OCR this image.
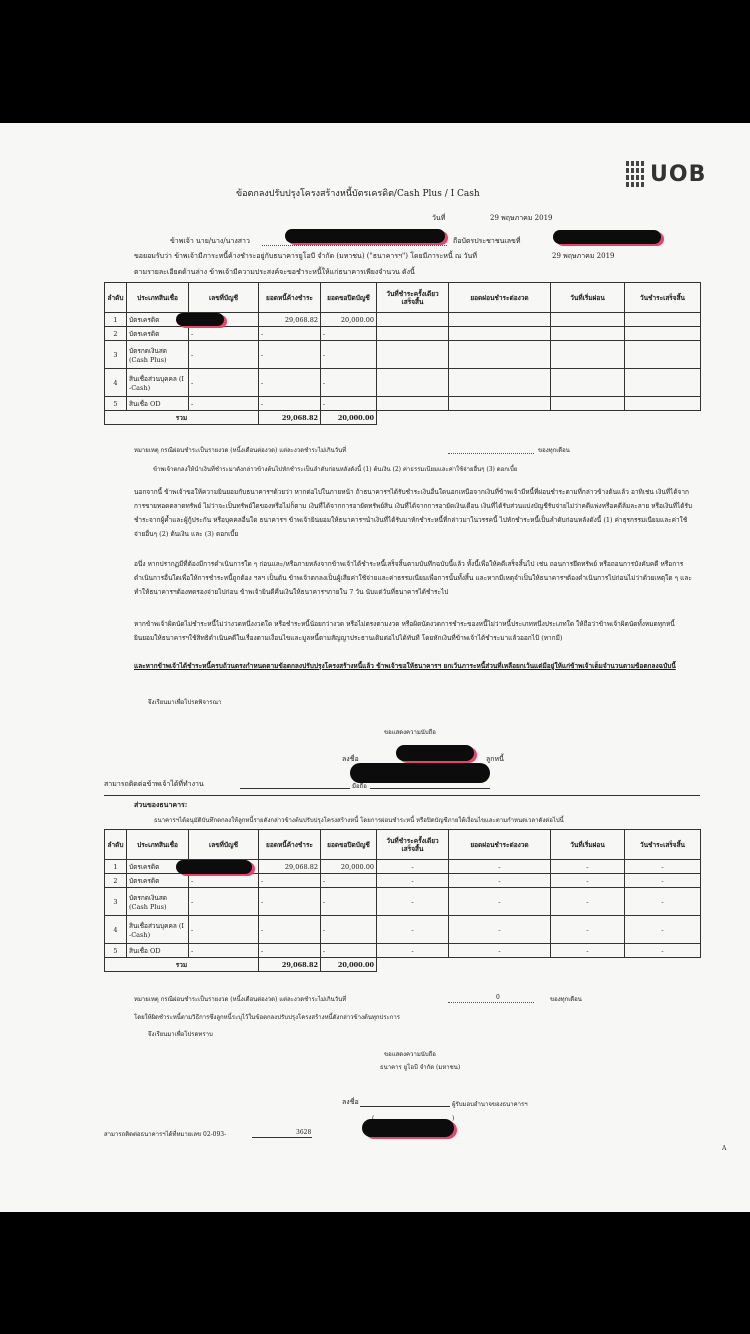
UOB
ข้อตกลงปรับปรุงโครงสร้างหนี้บัตรเครดิต/Cash Plus / I Cash
วันที่	29 พฤษภาคม 2019
ข้าพเจ้า นาย/นาง/นางสาว	ถือบัตรประชาชนเลขที่
ขอยอมรับว่า ข้าพเจ้ามีภาระหนี้ค้างชำระอยู่กับธนาคารยูโอบี จำกัด (มหาชน) ("ธนาคารฯ") โดยมีภาระหนี้ ณ วันที่	29 พฤษภาคม 2019
ตามรายละเอียดด้านล่าง ข้าพเจ้ามีความประสงค์จะขอชำระหนี้ให้แก่ธนาคารเพียงจำนวน ดังนี้
ลำดับ	ประเภทสินเชื่อ	เลขที่บัญชี	ยอดหนี้ค้างชำระ	ยอดขอปิดบัญชี	วันที่ชำระครั้งเดียว เสร็จสิ้น	ยอดผ่อนชำระต่องวด	วันที่เริ่มผ่อน	วันชำระเสร็จสิ้น
1	บัตรเครดิต		29,068.82	20,000.00				
2	บัตรเครดิต	-	-	-				
3	บัตรกดเงินสด (Cash Plus)	-	-	-				
4	สินเชื่อส่วนบุคคล (I -Cash)	-	-	-				
5	สินเชื่อ OD	-	-	-				
รวม			29,068.82	20,000.00				
หมายเหตุ กรณีผ่อนชำระเป็นรายงวด (หนี้งเดือนต่องวด) แต่ละงวดชำระไม่เกินวันที่	ของทุกเดือน
ข้าพเจ้าตกลงให้นำเงินที่ชำระมาดังกล่าวข้างต้นไปหักชำระเป็นลำดับก่อนหลังดังนี้ (1) ต้นเงิน (2) ค่าธรรมเนียมและค่าใช้จ่ายอื่นๆ (3) ดอกเบี้ย
นอกจากนี้ ข้าพเจ้าขอให้ความยินยอมกับธนาคารฯด้วยว่า หากต่อไปในภายหน้า ถ้าธนาคารฯได้รับชำระเงินอื่นใดนอกเหนือจากเงินที่ข้าพเจ้ามีหนี้ที่ผ่อนชำระตามที่กล่าวข้างต้นแล้ว อาทิเช่น เงินที่ได้จากการขายทอดตลาดทรัพย์ ไม่ว่าจะเป็นทรัพย์ใดของหรือไม่ก็ตาม เงินที่ได้จากการอายัดทรัพย์สิน เงินที่ได้จากการอายัดเงินเดือน เงินที่ได้รับส่วนแบ่งบัญชีรับจ่ายไม่ว่าคดีแพ่งหรือคดีล้มละลาย หรือเงินที่ได้รับชำระจากผู้ค้ำและผู้กู้ประกัน หรือบุคคลอื่นใด ธนาคารฯ ข้าพเจ้ายินยอมให้ธนาคารฯนำเงินที่ได้รับมาหักชำระหนี้ที่กล่าวมาในวรรคนี้ ไปหักชำระหนี้เป็นลำดับก่อนหลังดังนี้ (1) ค่าธุรกรรมเนียมและค่าใช้จ่ายอื่นๆ (2) ต้นเงิน และ (3) ดอกเบี้ย
อนึ่ง หากปรากฏมีที่ต้องมีการดำเนินการใด ๆ ก่อนและ/หรือภายหลังจากข้าพเจ้าได้ชำระหนี้เสร็จสิ้นตามบันทึกฉบับนี้แล้ว ทั้งนี้เพื่อให้คดีเสร็จสิ้นไป เช่น ถอนการยึดทรัพย์ หรือถอนการบังคับคดี หรือการดำเนินการอื่นใดเพื่อให้การชำระหนี้ถูกต้อง ฯลฯ เป็นต้น ข้าพเจ้าตกลงเป็นผู้เสียค่าใช้จ่ายและค่าธรรมเนียมเพื่อการนั้นทั้งสิ้น และหากมีเหตุจำเป็นให้ธนาคารฯต้องดำเนินการไปก่อนไม่ว่าด้วยเหตุใด ๆ และทำให้ธนาคารฯต้องทดรองจ่ายไปก่อน ข้าพเจ้ายินดีคืนเงินให้ธนาคารฯภายใน 7 วัน นับแต่วันที่ธนาคารได้ชำระไป
หากข้าพเจ้าผิดนัดไม่ชำระหนี้ไม่ว่างวดหนึ่งงวดใด หรือชำระหนี้น้อยกว่างวด หรือไม่ตรงตามงวด หรือผิดนัดงวดการชำระของหนี้ไม่ว่าหนี้ประเภทหนึ่งประเภทใด ให้ถือว่าข้าพเจ้าผิดนัดทั้งหมดทุกหนี้ ยินยอมให้ธนาคารฯใช้สิทธิดำเนินคดีในเรื่องตามเงื่อนไขและมูลหนี้ตามสัญญาประธานเดิมต่อไปได้ทันที โดยหักเงินที่ข้าพเจ้าได้ชำระมาแล้วออกไป้ (หากมี)
และหากข้าพเจ้าได้ชำระหนี้ครบถ้วนตรงกำหนดตามข้อตกลงปรับปรุงโครงสร้างหนี้แล้ว ข้าพเจ้าขอให้ธนาคารฯ ยกเว้นภาระหนี้ส่วนที่เหลือยกเว้นแต่มีอยู่ให้แก่ข้าพเจ้าเต็มจำนวนตามข้อตกลงฉบับนี้
จึงเรียนมาเพื่อโปรดพิจารณา
ขอแสดงความนับถือ
ลงชื่อ	ลูกหนี้
สามารถติดต่อข้าพเจ้าได้ที่ทำงาน	มือถือ
ส่วนของธนาคาร:
ธนาคารฯได้อนุมัติบันทึกตกลงให้ลูกหนี้รายดังกล่าวข้างต้นปรับปรุงโครงสร้างหนี้ โดยการผ่อนชำระหนี้ หรือปิดบัญชีภายใต้เงื่อนไขและตามกำหนดเวลาดังต่อไปนี้
ลำดับ	ประเภทสินเชื่อ	เลขที่บัญชี	ยอดหนี้ค้างชำระ	ยอดขอปิดบัญชี	วันที่ชำระครั้งเดียว เสร็จสิ้น	ยอดผ่อนชำระต่องวด	วันที่เริ่มผ่อน	วันชำระเสร็จสิ้น
1	บัตรเครดิต		29,068.82	20,000.00	-	-	-	-
2	บัตรเครดิต	-	-	-	-	-	-	-
3	บัตรกดเงินสด (Cash Plus)	-	-	-	-	-	-	-
4	สินเชื่อส่วนบุคคล (I -Cash)	-	-	-	-	-	-	-
5	สินเชื่อ OD	-	-	-	-	-	-	-
รวม			29,068.82	20,000.00				
หมายเหตุ กรณีผ่อนชำระเป็นรายงวด (หนี้งเดือนต่องวด) แต่ละงวดชำระไม่เกินวันที่	0	ของทุกเดือน
โดยให้ผิดชำระหนี้ตามวิธีการซึ่งลูกหนี้ระบุไว้ในข้อตกลงปรับปรุงโครงสร้างหนี้ดังกล่าวข้างต้นทุกประการ
จึงเรียนมาเพื่อโปรดทราบ
ขอแสดงความนับถือ
ธนาคาร ยูโอบี จำกัด (มหาชน)
ลงชื่อ	ผู้รับมอบอำนาจของธนาคารฯ
)
สามารถติดต่อธนาคารฯได้ที่หมายเลข 02-093-	3628
A
